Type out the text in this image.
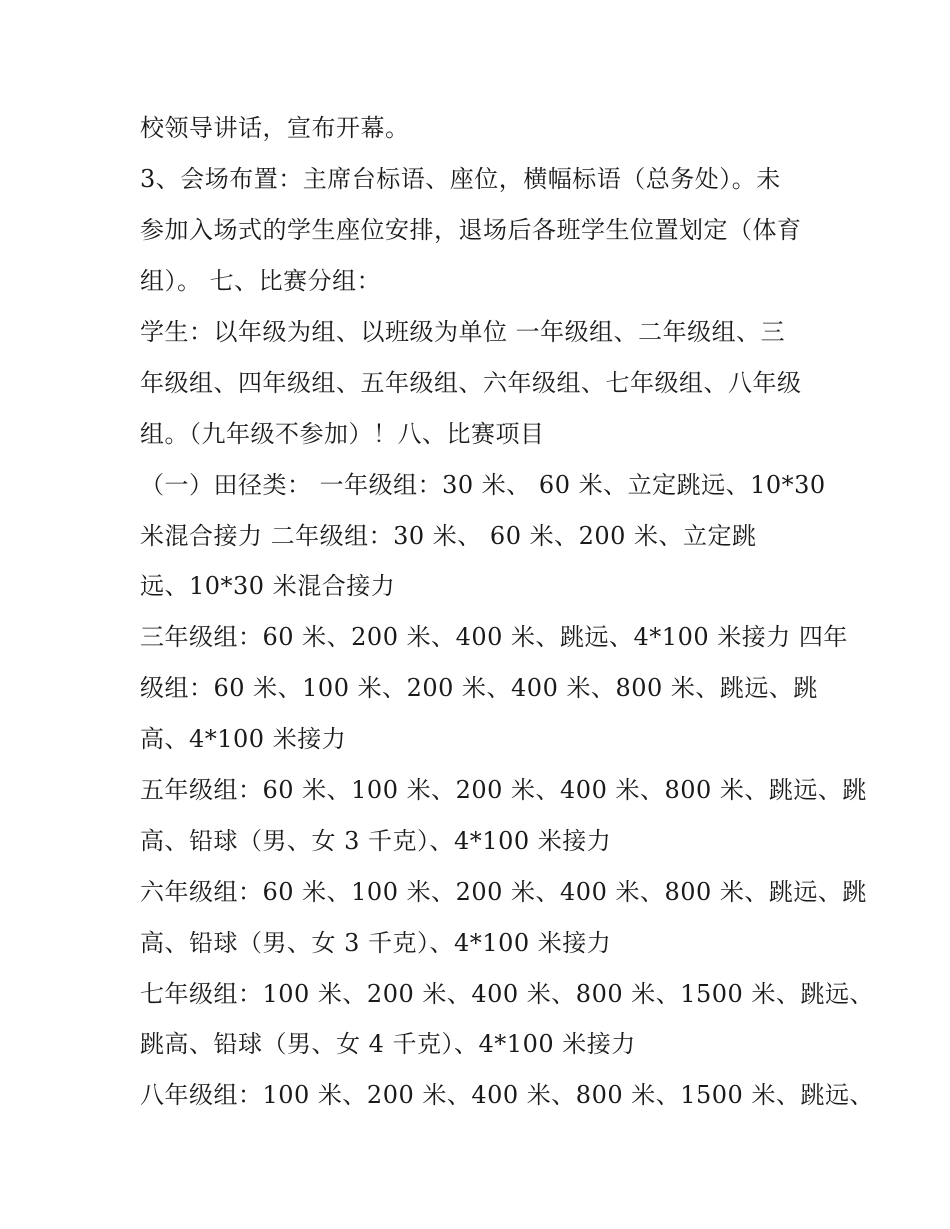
校领导讲话，宣布开幕。

3、会场布置：主席台标语、座位，横幅标语（总务处）。未

参加入场式的学生座位安排，退场后各班学生位置划定（体育

组）。 七、比赛分组：

学生：以年级为组、以班级为单位 一年级组、二年级组、三

年级组、四年级组、五年级组、六年级组、七年级组、八年级

组。（九年级不参加）！八、比赛项目

（一）田径类： 一年级组：30 米、 60 米、立定跳远、10*30

米混合接力 二年级组：30 米、 60 米、200 米、立定跳

远、10*30 米混合接力

三年级组：60 米、200 米、400 米、跳远、4*100 米接力 四年

级组：60 米、100 米、200 米、400 米、800 米、跳远、跳

高、4*100 米接力

五年级组：60 米、100 米、200 米、400 米、800 米、跳远、跳

高、铅球（男、女 3 千克）、4*100 米接力

六年级组：60 米、100 米、200 米、400 米、800 米、跳远、跳

高、铅球（男、女 3 千克）、4*100 米接力

七年级组：100 米、200 米、400 米、800 米、1500 米、跳远、

跳高、铅球（男、女 4 千克）、4*100 米接力

八年级组：100 米、200 米、400 米、800 米、1500 米、跳远、
